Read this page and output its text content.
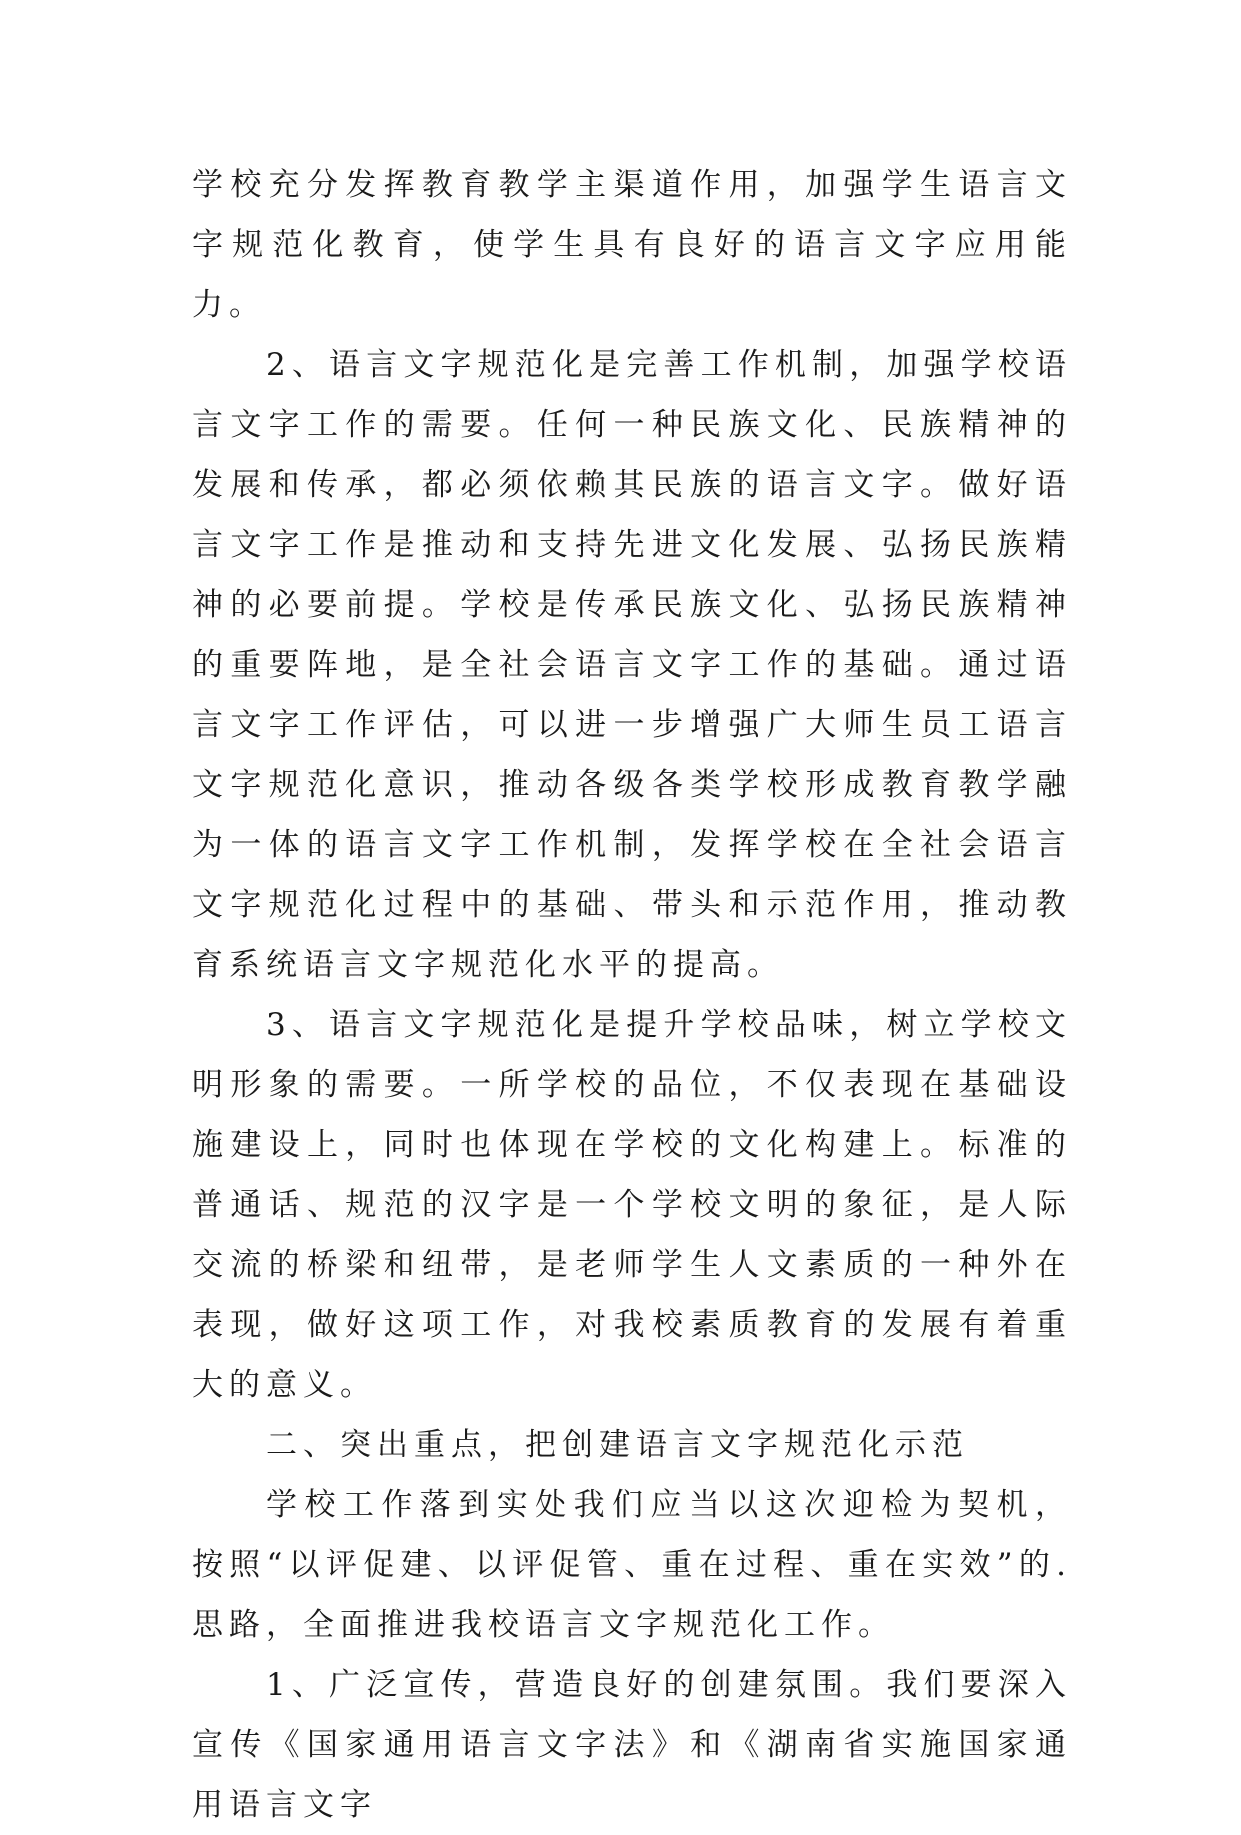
学校充分发挥教育教学主渠道作用，加强学生语言文字规范化教育，使学生具有良好的语言文字应用能力。

2、语言文字规范化是完善工作机制，加强学校语言文字工作的需要。任何一种民族文化、民族精神的发展和传承，都必须依赖其民族的语言文字。做好语言文字工作是推动和支持先进文化发展、弘扬民族精神的必要前提。学校是传承民族文化、弘扬民族精神的重要阵地，是全社会语言文字工作的基础。通过语言文字工作评估，可以进一步增强广大师生员工语言文字规范化意识，推动各级各类学校形成教育教学融为一体的语言文字工作机制，发挥学校在全社会语言文字规范化过程中的基础、带头和示范作用，推动教育系统语言文字规范化水平的提高。

3、语言文字规范化是提升学校品味，树立学校文明形象的需要。一所学校的品位，不仅表现在基础设施建设上，同时也体现在学校的文化构建上。标准的普通话、规范的汉字是一个学校文明的象征，是人际交流的桥梁和纽带，是老师学生人文素质的一种外在表现，做好这项工作，对我校素质教育的发展有着重大的意义。

二、突出重点，把创建语言文字规范化示范

学校工作落到实处我们应当以这次迎检为契机，按照“以评促建、以评促管、重在过程、重在实效”的.思路，全面推进我校语言文字规范化工作。

1、广泛宣传，营造良好的创建氛围。我们要深入宣传《国家通用语言文字法》和《湖南省实施国家通用语言文字
